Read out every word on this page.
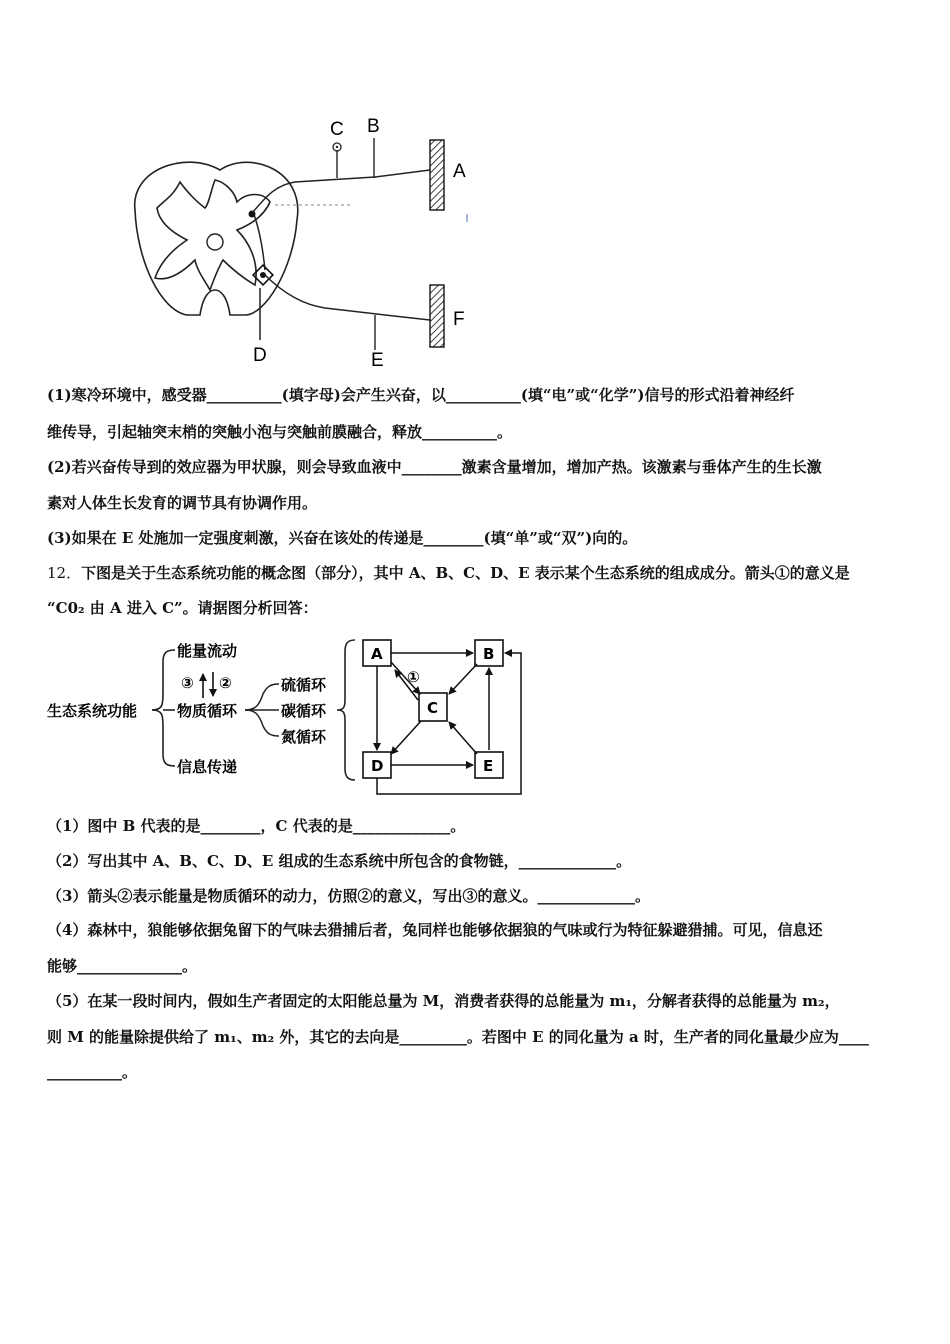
C B
A
F
D	E
(1)寒冷环境中，感受器__________(填字母)会产生兴奋，以__________(填“电”或“化学”)信号的形式沿着神经纤
维传导，引起轴突末梢的突触小泡与突触前膜融合，释放__________。
(2)若兴奋传导到的效应器为甲状腺，则会导致血液中________激素含量增加，增加产热。该激素与垂体产生的生长激
素对人体生长发育的调节具有协调作用。
(3)如果在 E 处施加一定强度刺激，兴奋在该处的传递是________(填“单”或“双”)向的。
12．下图是关于生态系统功能的概念图（部分），其中 A、B、C、D、E 表示某个生态系统的组成成分。箭头①的意义是
“C0₂ 由 A 进入 C”。请据图分析回答：
生态系统功能
能量流动
物质循环
信息传递
③ ②	硫循环
碳循环
氮循环
A	B
C
D	E
①
（1）图中 B 代表的是________，C 代表的是_____________。
（2）写出其中 A、B、C、D、E 组成的生态系统中所包含的食物链，_____________。
（3）箭头②表示能量是物质循环的动力，仿照②的意义，写出③的意义。_____________。
（4）森林中，狼能够依据兔留下的气味去猎捕后者，兔同样也能够依据狼的气味或行为特征躲避猎捕。可见，信息还
能够______________。
（5）在某一段时间内，假如生产者固定的太阳能总量为 M，消费者获得的总能量为 m₁，分解者获得的总能量为 m₂，
则 M 的能量除提供给了 m₁、m₂ 外，其它的去向是_________。若图中 E 的同化量为 a 时，生产者的同化量最少应为____
__________。
